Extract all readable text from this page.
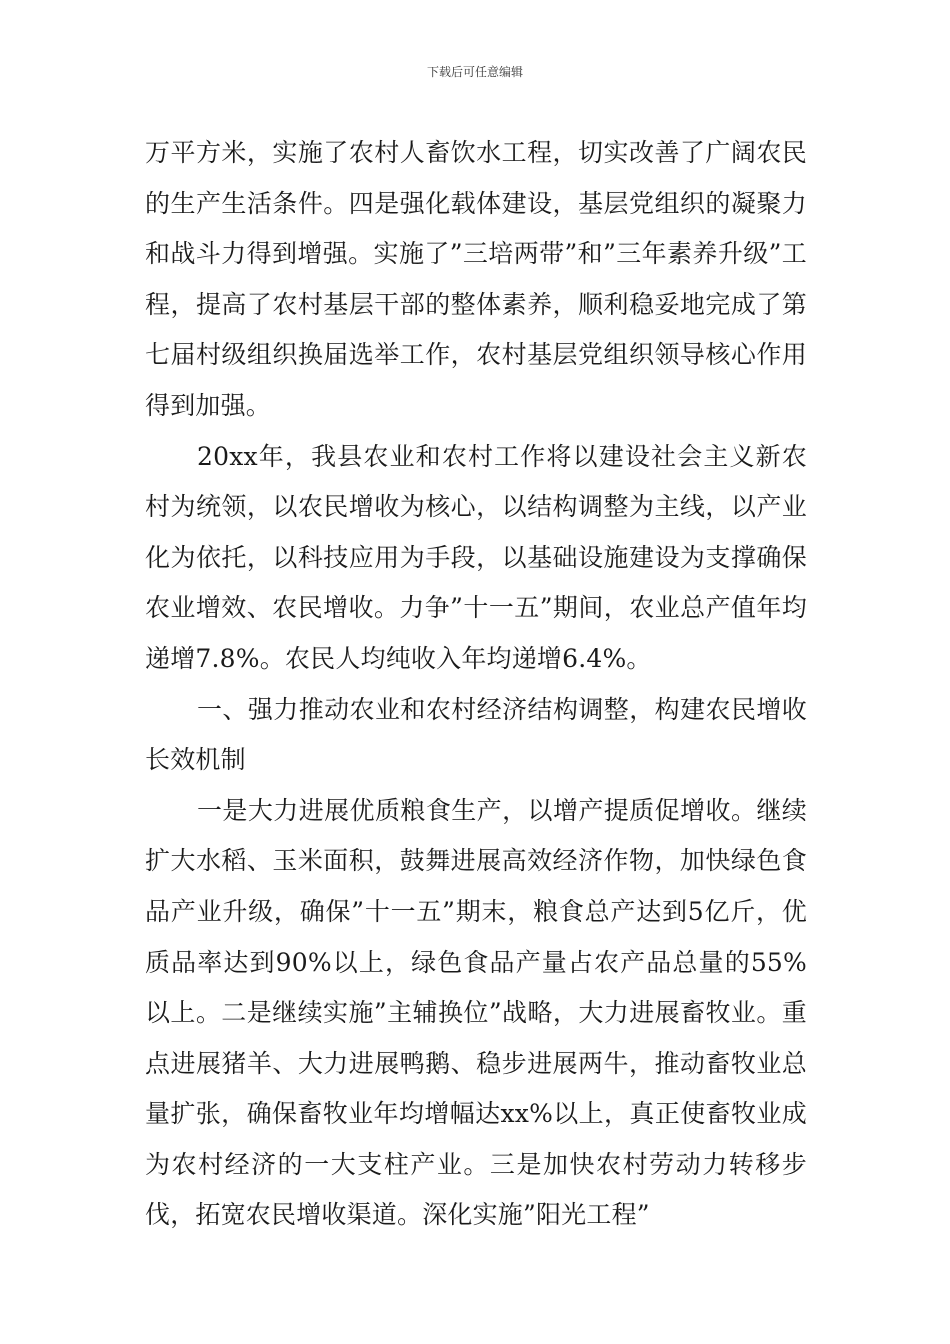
下载后可任意编辑

万平方米，实施了农村人畜饮水工程，切实改善了广阔农民的生产生活条件。四是强化载体建设，基层党组织的凝聚力和战斗力得到增强。实施了”三培两带”和”三年素养升级”工程，提高了农村基层干部的整体素养，顺利稳妥地完成了第七届村级组织换届选举工作，农村基层党组织领导核心作用得到加强。

20xx年，我县农业和农村工作将以建设社会主义新农村为统领，以农民增收为核心，以结构调整为主线，以产业化为依托，以科技应用为手段，以基础设施建设为支撑确保农业增效、农民增收。力争”十一五”期间，农业总产值年均递增7.8%。农民人均纯收入年均递增6.4%。

一、强力推动农业和农村经济结构调整，构建农民增收长效机制

一是大力进展优质粮食生产，以增产提质促增收。继续扩大水稻、玉米面积，鼓舞进展高效经济作物，加快绿色食品产业升级，确保”十一五”期末，粮食总产达到5亿斤，优质品率达到90%以上，绿色食品产量占农产品总量的55%以上。二是继续实施”主辅换位”战略，大力进展畜牧业。重点进展猪羊、大力进展鸭鹅、稳步进展两牛，推动畜牧业总量扩张，确保畜牧业年均增幅达xx%以上，真正使畜牧业成为农村经济的一大支柱产业。三是加快农村劳动力转移步伐，拓宽农民增收渠道。深化实施”阳光工程”
